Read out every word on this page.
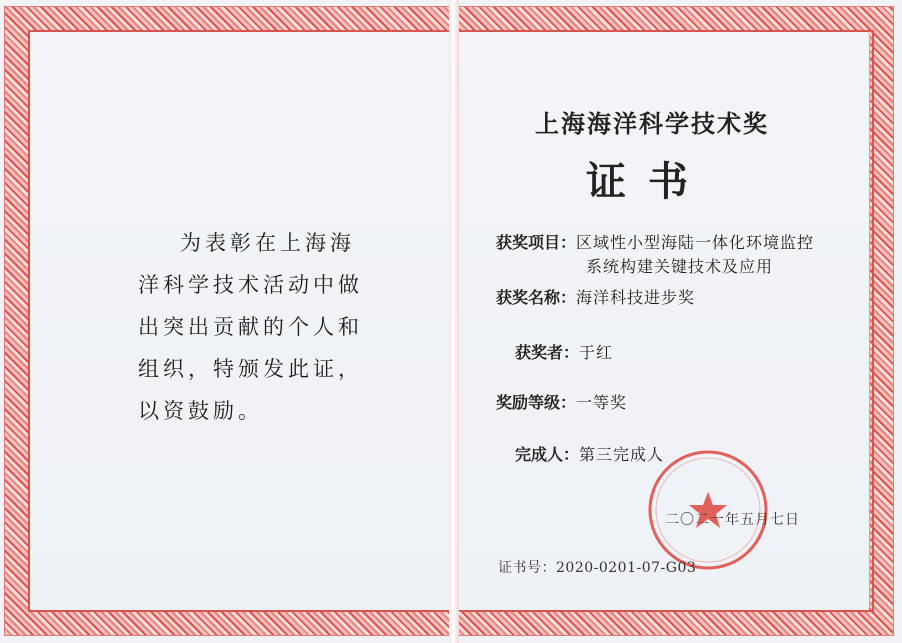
为表彰在上海海
洋科学技术活动中做
出突出贡献的个人和
组织，特颁发此证，
以资鼓励。
上海海洋科学技术奖
证书
获奖项目：区域性小型海陆一体化环境监控
系统构建关键技术及应用
获奖名称：海洋科技进步奖
获奖者：于红
奖励等级：一等奖
完成人：第三完成人
二〇二一年五月七日
证书号：2020-0201-07-G03
